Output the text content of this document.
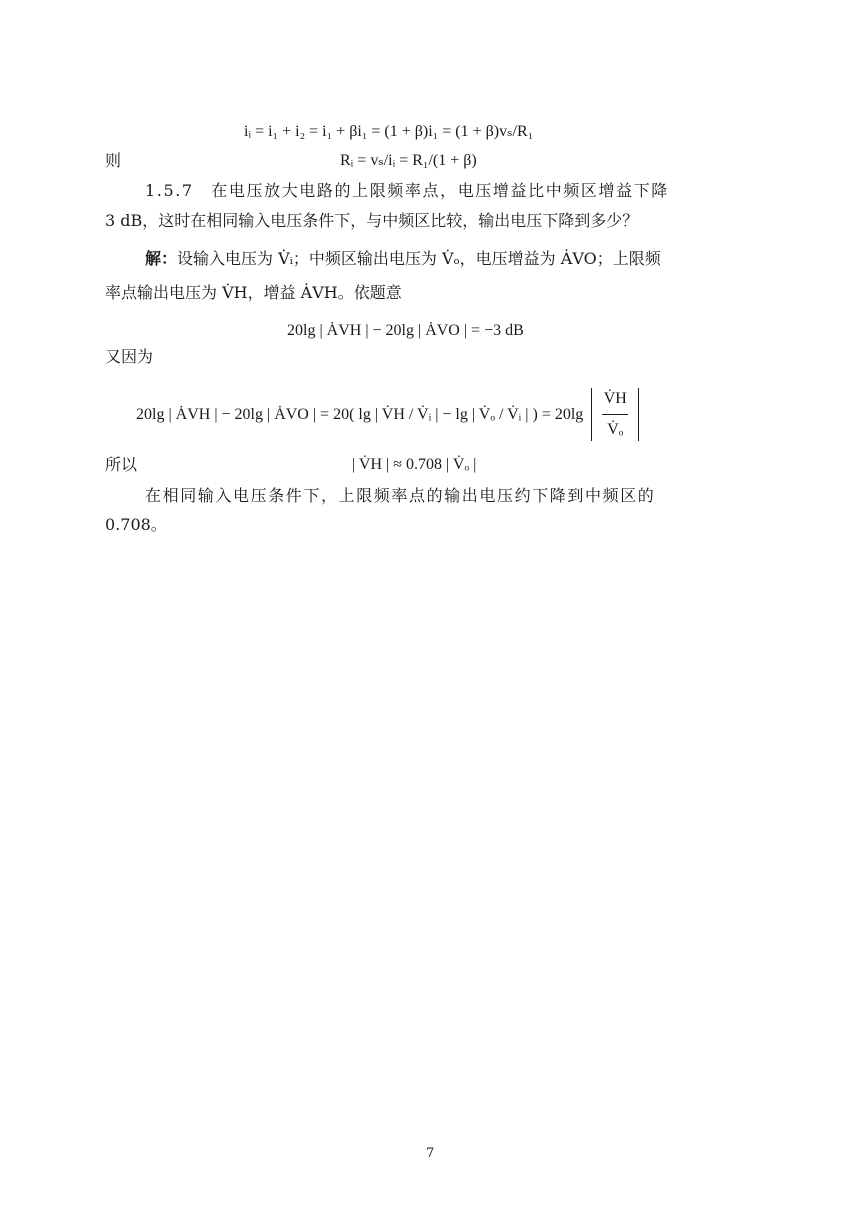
iᵢ = i₁ + i₂ = i₁ + βi₁ = (1 + β)i₁ = (1 + β)vₛ/R₁
则	Rᵢ = vₛ/iᵢ = R₁/(1 + β)
1.5.7　在电压放大电路的上限频率点，电压增益比中频区增益下降
3 dB，这时在相同输入电压条件下，与中频区比较，输出电压下降到多少？
解：设输入电压为 V̇ᵢ；中频区输出电压为 V̇ₒ，电压增益为 ȦVO；上限频
率点输出电压为 V̇H，增益 ȦVH。依题意
20lg | ȦVH | − 20lg | ȦVO | = −3 dB
又因为
20lg | ȦVH | − 20lg | ȦVO | = 20( lg | V̇H / V̇ᵢ | − lg | V̇ₒ / V̇ᵢ | ) = $20\lg \frac{V̇H}{\text{V̇ₒ}}$
所以	| V̇H | ≈ 0.708 | V̇ₒ |
在相同输入电压条件下，上限频率点的输出电压约下降到中频区的
0.708。
7
